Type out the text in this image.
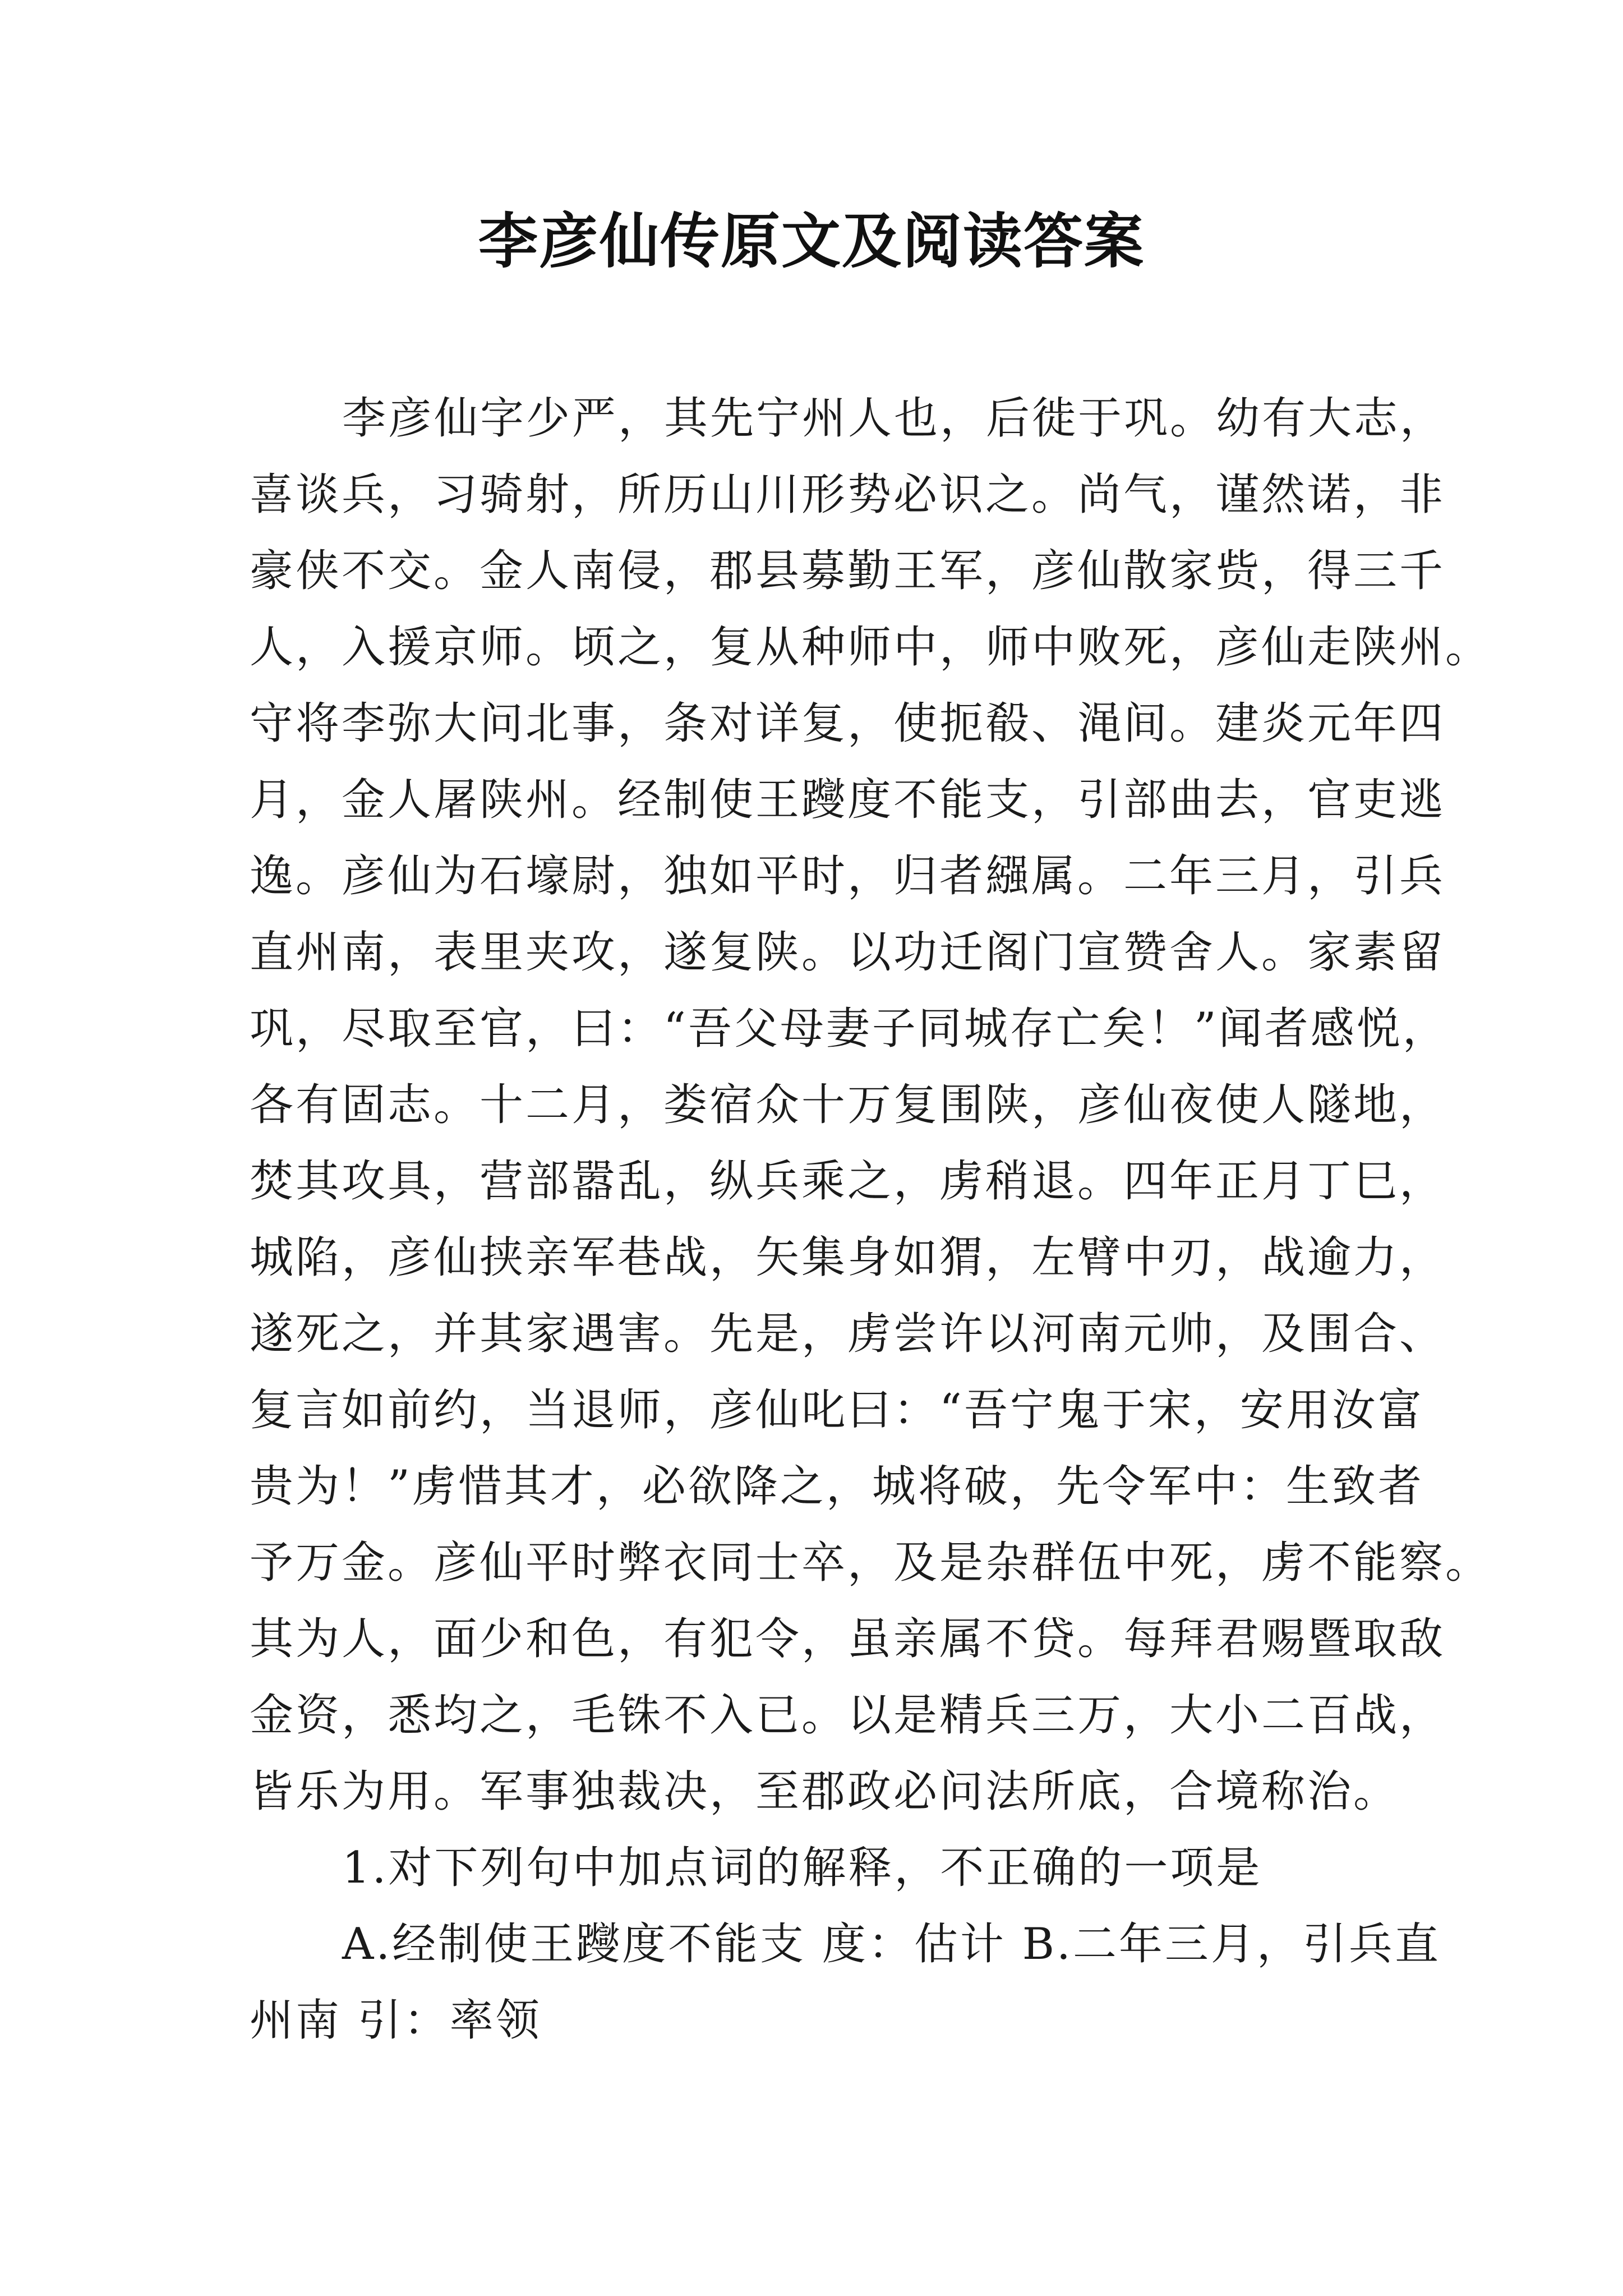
李彦仙传原文及阅读答案
李彦仙字少严，其先宁州人也，后徙于巩。幼有大志，
喜谈兵，习骑射，所历山川形势必识之。尚气，谨然诺，非
豪侠不交。金人南侵，郡县募勤王军，彦仙散家赀，得三千
人，入援京师。顷之，复从种师中，师中败死，彦仙走陕州。
守将李弥大问北事，条对详复，使扼殽、渑间。建炎元年四
月，金人屠陕州。经制使王躞度不能支，引部曲去，官吏逃
逸。彦仙为石壕尉，独如平时，归者繦属。二年三月，引兵
直州南，表里夹攻，遂复陕。以功迁阁门宣赞舍人。家素留
巩，尽取至官，曰：“吾父母妻子同城存亡矣！”闻者感悦，
各有固志。十二月，娄宿众十万复围陕，彦仙夜使人隧地，
焚其攻具，营部嚣乱，纵兵乘之，虏稍退。四年正月丁巳，
城陷，彦仙挟亲军巷战，矢集身如猬，左臂中刃，战逾力，
遂死之，并其家遇害。先是，虏尝许以河南元帅，及围合、
复言如前约，当退师，彦仙叱曰：“吾宁鬼于宋，安用汝富
贵为！”虏惜其才，必欲降之，城将破，先令军中：生致者
予万金。彦仙平时弊衣同士卒，及是杂群伍中死，虏不能察。
其为人，面少和色，有犯令，虽亲属不贷。每拜君赐暨取敌
金资，悉均之，毛铢不入已。以是精兵三万，大小二百战，
皆乐为用。军事独裁决，至郡政必问法所底，合境称治。
1.对下列句中加点词的解释，不正确的一项是
A.经制使王躞度不能支 度：估计 B.二年三月，引兵直
州南 引：率领
